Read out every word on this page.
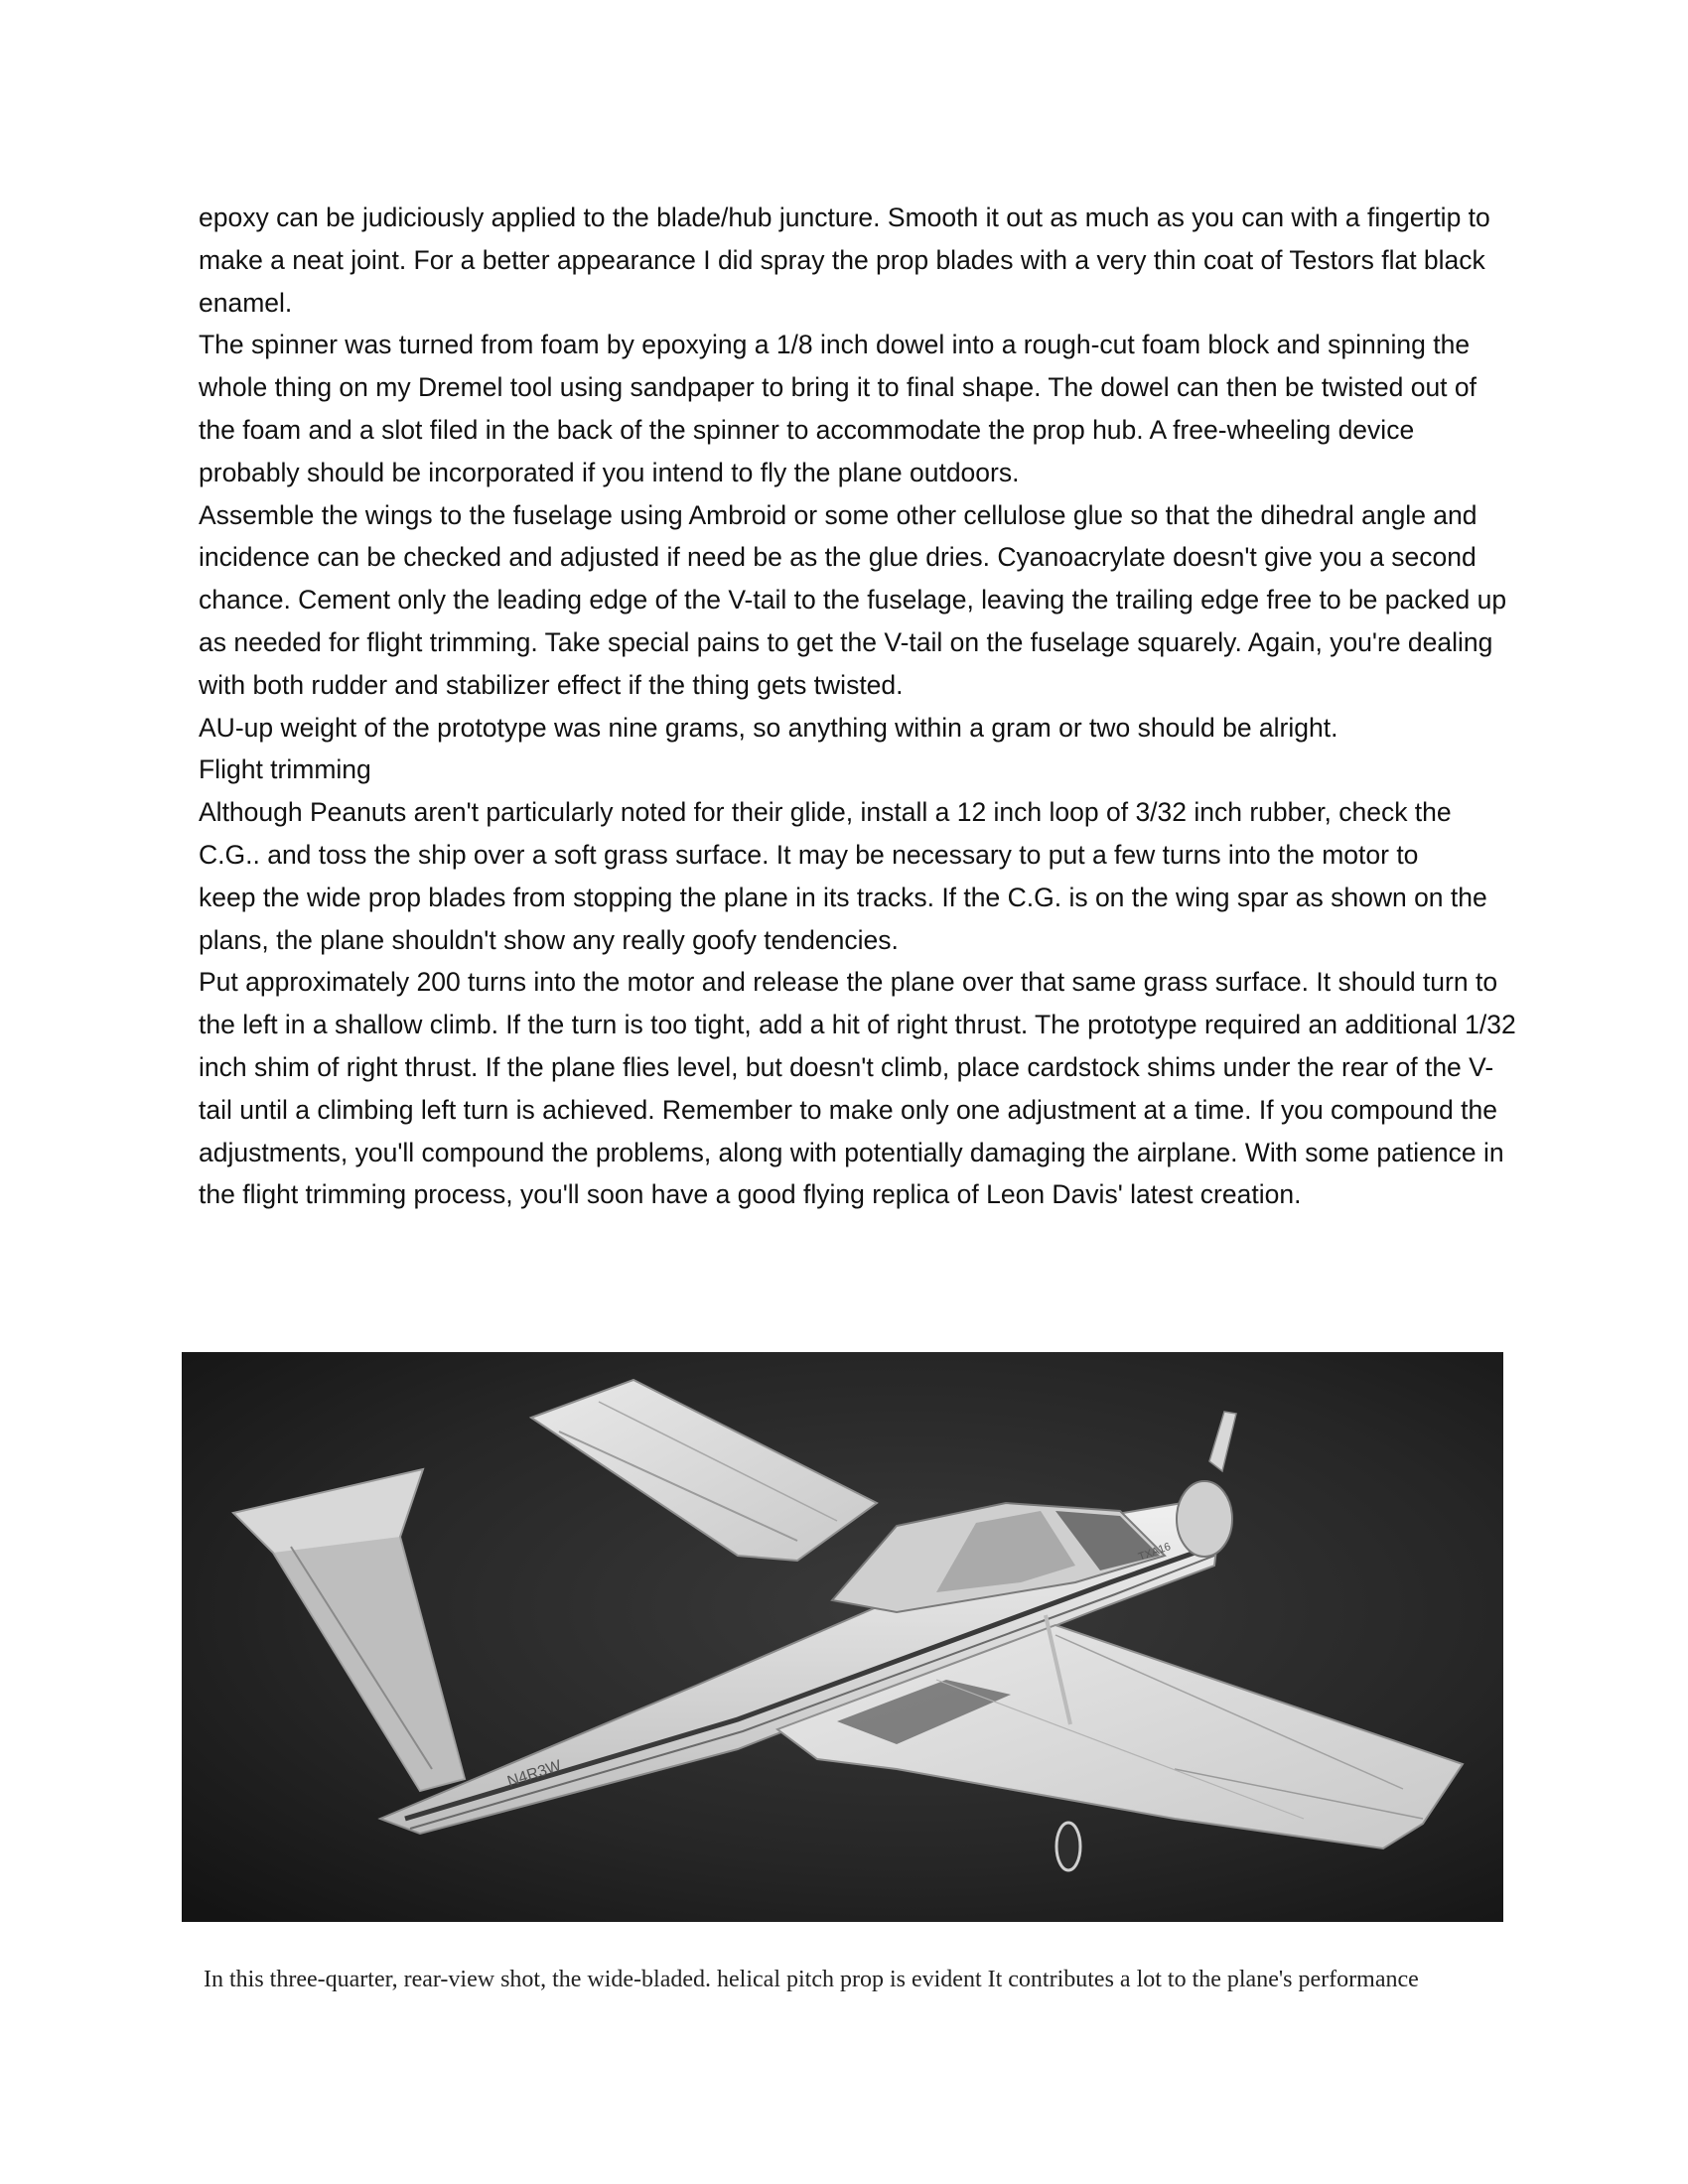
epoxy can be judiciously applied to the blade/hub juncture. Smooth it out as much as you can with a fingertip to make a neat joint. For a better appearance I did spray the prop blades with a very thin coat of Testors flat black enamel.

The spinner was turned from foam by epoxying a 1/8 inch dowel into a rough-cut foam block and spinning the whole thing on my Dremel tool using sandpaper to bring it to final shape. The dowel can then be twisted out of the foam and a slot filed in the back of the spinner to accommodate the prop hub. A free-wheeling device probably should be incorporated if you intend to fly the plane outdoors.

Assemble the wings to the fuselage using Ambroid or some other cellulose glue so that the dihedral angle and incidence can be checked and adjusted if need be as the glue dries. Cyanoacrylate doesn't give you a second chance. Cement only the leading edge of the V-tail to the fuselage, leaving the trailing edge free to be packed up as needed for flight trimming. Take special pains to get the V-tail on the fuselage squarely. Again, you're dealing with both rudder and stabilizer effect if the thing gets twisted.

AU-up weight of the prototype was nine grams, so anything within a gram or two should be alright.

Flight trimming

Although Peanuts aren't particularly noted for their glide, install a 12 inch loop of 3/32 inch rubber, check the C.G.. and toss the ship over a soft grass surface. It may be necessary to put a few turns into the motor to

keep the wide prop blades from stopping the plane in its tracks. If the C.G. is on the wing spar as shown on the plans, the plane shouldn't show any really goofy tendencies.

Put approximately 200 turns into the motor and release the plane over that same grass surface. It should turn to the left in a shallow climb. If the turn is too tight, add a hit of right thrust. The prototype required an additional 1/32 inch shim of right thrust. If the plane flies level, but doesn't climb, place cardstock shims under the rear of the V-tail until a climbing left turn is achieved. Remember to make only one adjustment at a time. If you compound the adjustments, you'll compound the problems, along with potentially damaging the airplane. With some patience in the flight trimming process, you'll soon have a good flying replica of Leon Davis' latest creation.

N4R3W
TXA16
In this three-quarter, rear-view shot, the wide-bladed. helical pitch prop is evident It contributes a lot to the plane's performance
